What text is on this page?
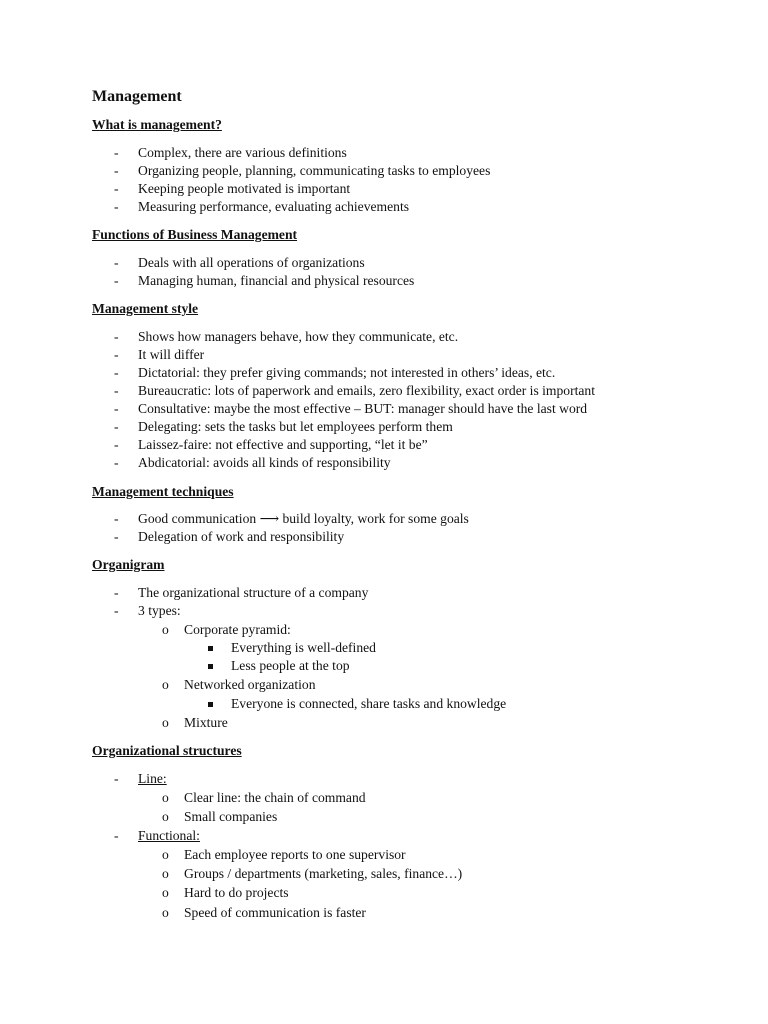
Management
What is management?
- Complex, there are various definitions
- Organizing people, planning, communicating tasks to employees
- Keeping people motivated is important
- Measuring performance, evaluating achievements
Functions of Business Management
- Deals with all operations of organizations
- Managing human, financial and physical resources
Management style
- Shows how managers behave, how they communicate, etc.
- It will differ
- Dictatorial: they prefer giving commands; not interested in others’ ideas, etc.
- Bureaucratic: lots of paperwork and emails, zero flexibility, exact order is important
- Consultative: maybe the most effective – BUT: manager should have the last word
- Delegating: sets the tasks but let employees perform them
- Laissez-faire: not effective and supporting, “let it be”
- Abdicatorial: avoids all kinds of responsibility
Management techniques
- Good communication ⟶ build loyalty, work for some goals
- Delegation of work and responsibility
Organigram
- The organizational structure of a company
- 3 types:
o Corporate pyramid:
Everything is well-defined
Less people at the top
o Networked organization
Everyone is connected, share tasks and knowledge
o Mixture
Organizational structures
- Line:
o Clear line: the chain of command
o Small companies
- Functional:
o Each employee reports to one supervisor
o Groups / departments (marketing, sales, finance…)
o Hard to do projects
o Speed of communication is faster
